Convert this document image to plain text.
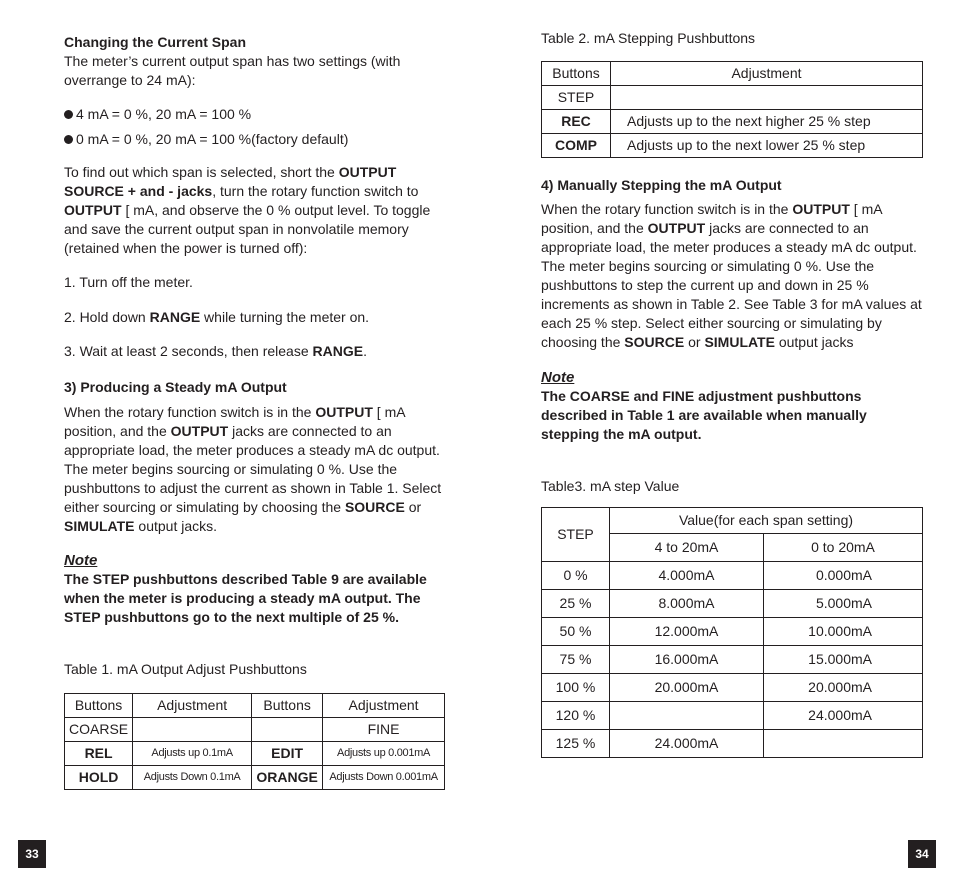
Changing the Current Span

The meter’s current output span has two settings (with overrange to 24 mA):

4 mA = 0 %, 20 mA = 100 %
0 mA = 0 %, 20 mA = 100 %(factory default)

To find out which span is selected, short the OUTPUT SOURCE + and - jacks, turn the rotary function switch to OUTPUT [ mA, and observe the 0 % output level. To toggle and save the current output span in nonvolatile memory (retained when the power is turned off):

1. Turn off the meter.

2. Hold down RANGE while turning the meter on.

3. Wait at least 2 seconds, then release RANGE.

3) Producing a Steady mA Output

When the rotary function switch is in the OUTPUT [ mA position, and the OUTPUT jacks are connected to an appropriate load, the meter produces a steady mA dc output. The meter begins sourcing or simulating 0 %. Use the pushbuttons to adjust the current as shown in Table 1. Select either sourcing or simulating by choosing the SOURCE or SIMULATE output jacks.

Note

The STEP pushbuttons described Table 9 are available when the meter is producing a steady mA output. The STEP pushbuttons go to the next multiple of 25 %.

Table 1. mA Output Adjust Pushbuttons

Buttons	Adjustment	Buttons	Adjustment
COARSE			FINE
REL	Adjusts up 0.1mA	EDIT	Adjusts up 0.001mA
HOLD	Adjusts Down 0.1mA	ORANGE	Adjusts Down 0.001mA

Table 2. mA Stepping Pushbuttons

Buttons	Adjustment
STEP	
REC	Adjusts up to the next higher 25 % step
COMP	Adjusts up to the next lower 25 % step

4) Manually Stepping the mA Output

When the rotary function switch is in the OUTPUT [ mA position, and the OUTPUT jacks are connected to an appropriate load, the meter produces a steady mA dc output. The meter begins sourcing or simulating 0 %. Use the pushbuttons to step the current up and down in 25 % increments as shown in Table 2. See Table 3 for mA values at each 25 % step. Select either sourcing or simulating by choosing the SOURCE or SIMULATE output jacks

Note

The COARSE and FINE adjustment pushbuttons described in Table 1 are available when manually stepping the mA output.

Table3. mA step Value

STEP	Value(for each span setting)	
	4 to 20mA	0 to 20mA
0 %	4.000mA	0.000mA
25 %	8.000mA	5.000mA
50 %	12.000mA	10.000mA
75 %	16.000mA	15.000mA
100 %	20.000mA	20.000mA
120 %		24.000mA
125 %	24.000mA	
33	34
